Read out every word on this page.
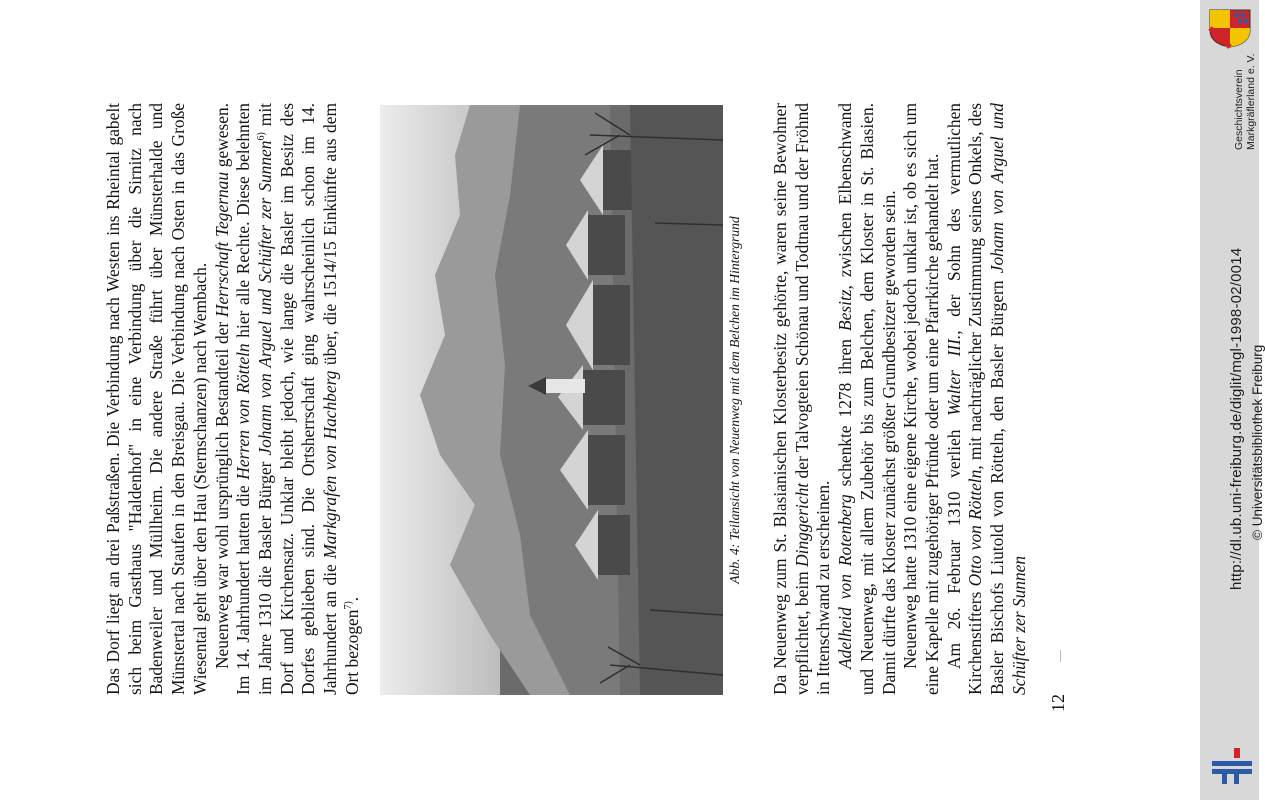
Das Dorf liegt an drei Paßstraßen. Die Verbindung nach Westen ins Rheintal gabelt sich beim Gasthaus "Haldenhof" in eine Verbindung über die Sirnitz nach Badenweiler und Müllheim. Die andere Straße führt über Münsterhalde und Münstertal nach Staufen in den Breisgau. Die Verbindung nach Osten in das Große Wiesental geht über den Hau (Sternschanzen) nach Wembach. Neuenweg war wohl ursprünglich Bestandteil der Herrschaft Tegernau gewesen. Im 14. Jahrhundert hatten die Herren von Rötteln hier alle Rechte. Diese belehnten im Jahre 1310 die Basler Bürger Johann von Arguel und Schüfter zer Sunnen$^{6)}$ mit Dorf und Kirchensatz. Unklar bleibt jedoch, wie lange die Basler im Besitz des Dorfes geblieben sind. Die Ortsherrschaft ging wahrscheinlich schon im 14. Jahrhundert an die Markgrafen von Hachberg über, die 1514/15 Einkünfte aus dem Ort bezogen$^{7)}$.

Abb. 4: Teilansicht von Neuenweg mit dem Belchen im Hintergrund Da Neuenweg zum St. Blasianischen Klosterbesitz gehörte, waren seine Bewohner verpflichtet, beim Dinggericht der Talvogteien Schönau und Todtnau und der Fröhnd in Ittenschwand zu erscheinen. Adelheid von Rotenberg schenkte 1278 ihren Besitz, zwischen Elbenschwand und Neuenweg, mit allem Zubehör bis zum Belchen, dem Kloster in St. Blasien. Damit dürfte das Kloster zunächst größter Grundbesitzer geworden sein. Neuenweg hatte 1310 eine eigene Kirche, wobei jedoch unklar ist, ob es sich um eine Kapelle mit zugehöriger Pfründe oder um eine Pfarrkirche gehandelt hat. Am 26. Februar 1310 verlieh Walter III., der Sohn des vermutlichen Kirchenstifters Otto von Rötteln, mit nachträglicher Zustimmung seines Onkels, des Basler Bischofs Liutold von Rötteln, den Basler Bürgern Johann von Arguel und Schüfter zer Sunnen

12
Geschichtsverein Markgräflerland e. V.
http://dl.ub.uni-freiburg.de/diglit/mgl-1998-02/0014 © Universitätsbibliothek Freiburg
